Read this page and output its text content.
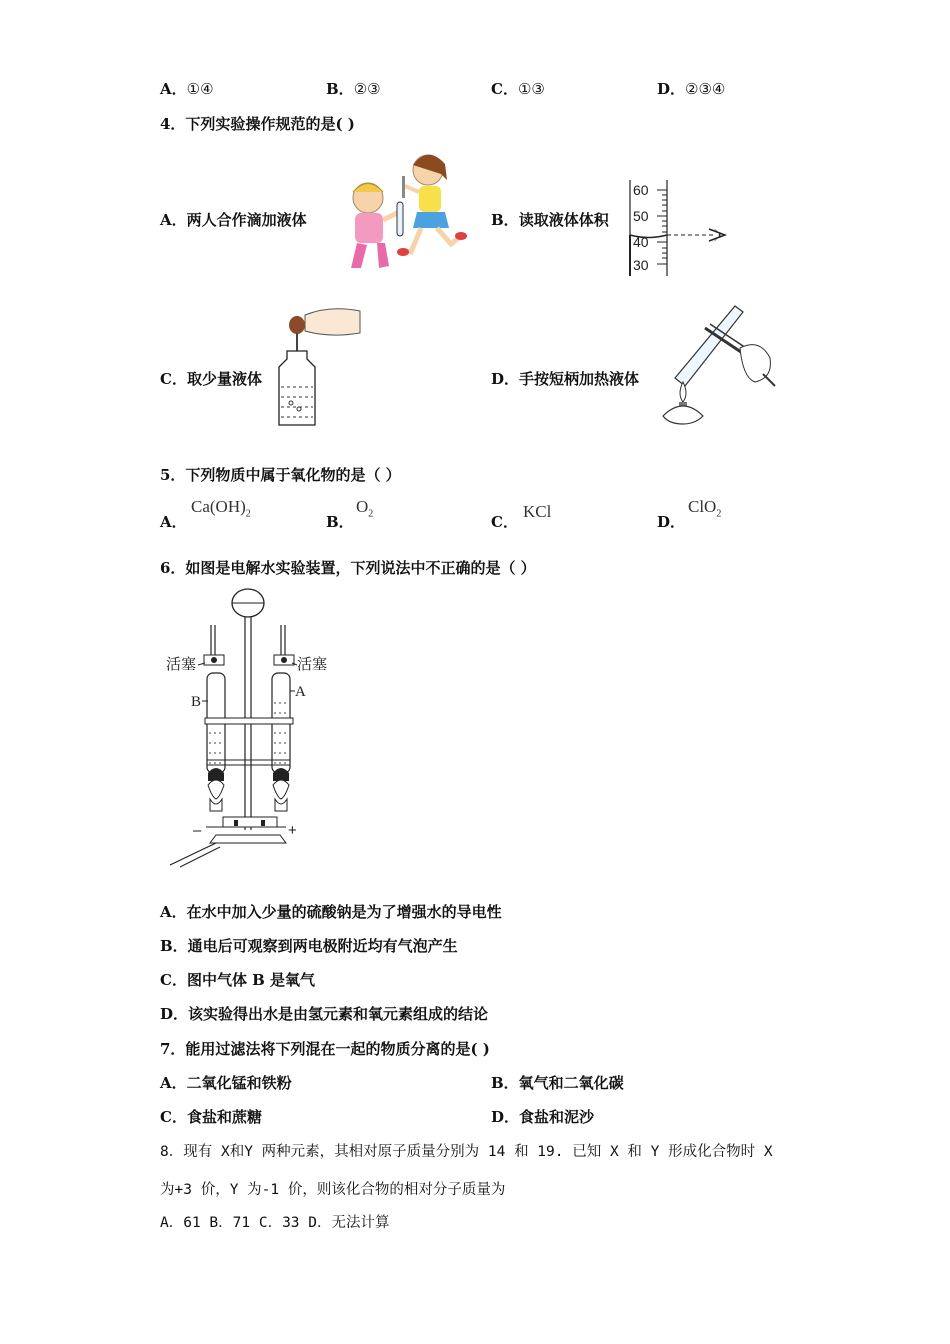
A．①④	B．②③	C．①③	D．②③④
4．下列实验操作规范的是( )
A．两人合作滴加液体	B．读取液体体积
60
50
40
30
C．取少量液体	D．手按短柄加热液体
5．下列物质中属于氧化物的是（ ）
A．
$Ca(OH)_2$	B．
$O_2$	C．
KCl
D．
ClO$_2$
6．如图是电解水实验装置，下列说法中不正确的是（ ）
活塞	活塞
B
A
–	+
A．在水中加入少量的硫酸钠是为了增强水的导电性
B．通电后可观察到两电极附近均有气泡产生
C．图中气体 B 是氧气
D．该实验得出水是由氢元素和氧元素组成的结论
7．能用过滤法将下列混在一起的物质分离的是( )
A．二氧化锰和铁粉	B．氧气和二氧化碳
C．食盐和蔗糖	D．食盐和泥沙
8．现有 X和Y 两种元素，其相对原子质量分别为 14 和 19. 已知 X 和 Y 形成化合物时 X
为+3 价，Y 为-1 价，则该化合物的相对分子质量为
A．61 B．71 C．33 D．无法计算
